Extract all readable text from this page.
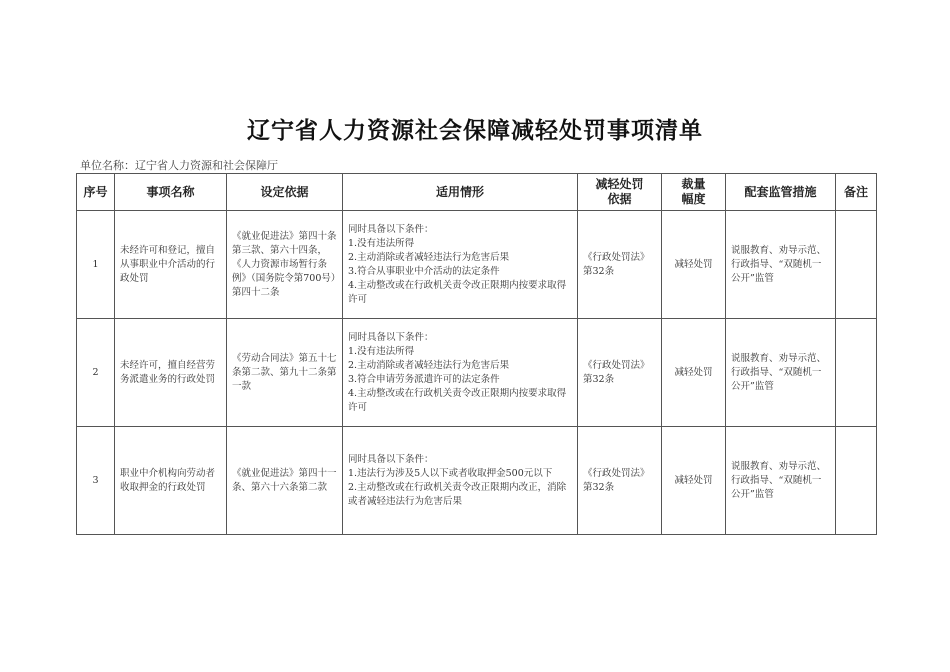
辽宁省人力资源社会保障减轻处罚事项清单
单位名称：辽宁省人力资源和社会保障厅
序号	事项名称	设定依据	适用情形	减轻处罚依据	裁量幅度	配套监管措施	备注
1	未经许可和登记，擅自从事职业中介活动的行政处罚	《就业促进法》第四十条第三款、第六十四条，《人力资源市场暂行条例》（国务院令第700号）第四十二条	同时具备以下条件：
1.没有违法所得
2.主动消除或者减轻违法行为危害后果
3.符合从事职业中介活动的法定条件
4.主动整改或在行政机关责令改正限期内按要求取得许可	《行政处罚法》第32条	减轻处罚	说服教育、劝导示范、行政指导、“双随机一公开”监管	
2	未经许可，擅自经营劳务派遣业务的行政处罚	《劳动合同法》第五十七条第二款、第九十二条第一款	同时具备以下条件：
1.没有违法所得
2.主动消除或者减轻违法行为危害后果
3.符合申请劳务派遣许可的法定条件
4.主动整改或在行政机关责令改正限期内按要求取得许可	《行政处罚法》第32条	减轻处罚	说服教育、劝导示范、行政指导、“双随机一公开”监管	
3	职业中介机构向劳动者收取押金的行政处罚	《就业促进法》第四十一条、第六十六条第二款	同时具备以下条件：
1.违法行为涉及5人以下或者收取押金500元以下
2.主动整改或在行政机关责令改正限期内改正，消除或者减轻违法行为危害后果	《行政处罚法》第32条	减轻处罚	说服教育、劝导示范、行政指导、“双随机一公开”监管	
